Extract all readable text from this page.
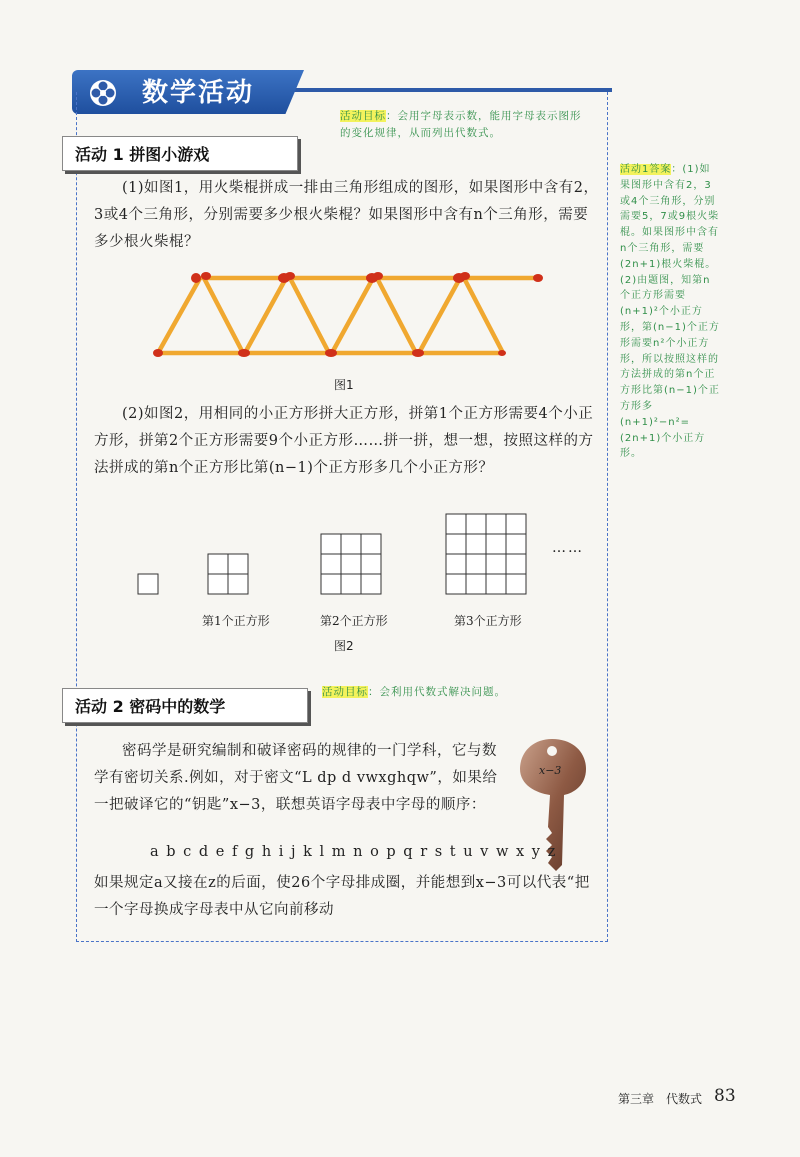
数学活动
活动 1 拼图小游戏
活动目标：会用字母表示数，能用字母表示图形的变化规律，从而列出代数式。
(1)如图1，用火柴棍拼成一排由三角形组成的图形，如果图形中含有2，3或4个三角形，分别需要多少根火柴棍？如果图形中含有n个三角形，需要多少根火柴棍？
图1
(2)如图2，用相同的小正方形拼大正方形，拼第1个正方形需要4个小正方形，拼第2个正方形需要9个小正方形……拼一拼，想一想，按照这样的方法拼成的第n个正方形比第(n−1)个正方形多几个小正方形？
……
第1个正方形	第2个正方形	第3个正方形
图2
活动1答案：(1)如果图形中含有2，3或4个三角形，分别需要5，7或9根火柴棍。如果图形中含有n个三角形，需要(2n+1)根火柴棍。(2)由题图，知第n个正方形需要(n+1)²个小正方形，第(n−1)个正方形需要n²个小正方形，所以按照这样的方法拼成的第n个正方形比第(n−1)个正方形多(n+1)²−n²=(2n+1)个小正方形。
活动 2 密码中的数学
活动目标：会利用代数式解决问题。
密码学是研究编制和破译密码的规律的一门学科，它与数学有密切关系.例如，对于密文“L dp d vwxghqw”，如果给一把破译它的“钥匙”x−3，联想英语字母表中字母的顺序：
x−3
a b c d e f g h i j k l m n o p q r s t u v w x y z
如果规定a又接在z的后面，使26个字母排成圈，并能想到x−3可以代表“把一个字母换成字母表中从它向前移动
第三章　代数式 83
